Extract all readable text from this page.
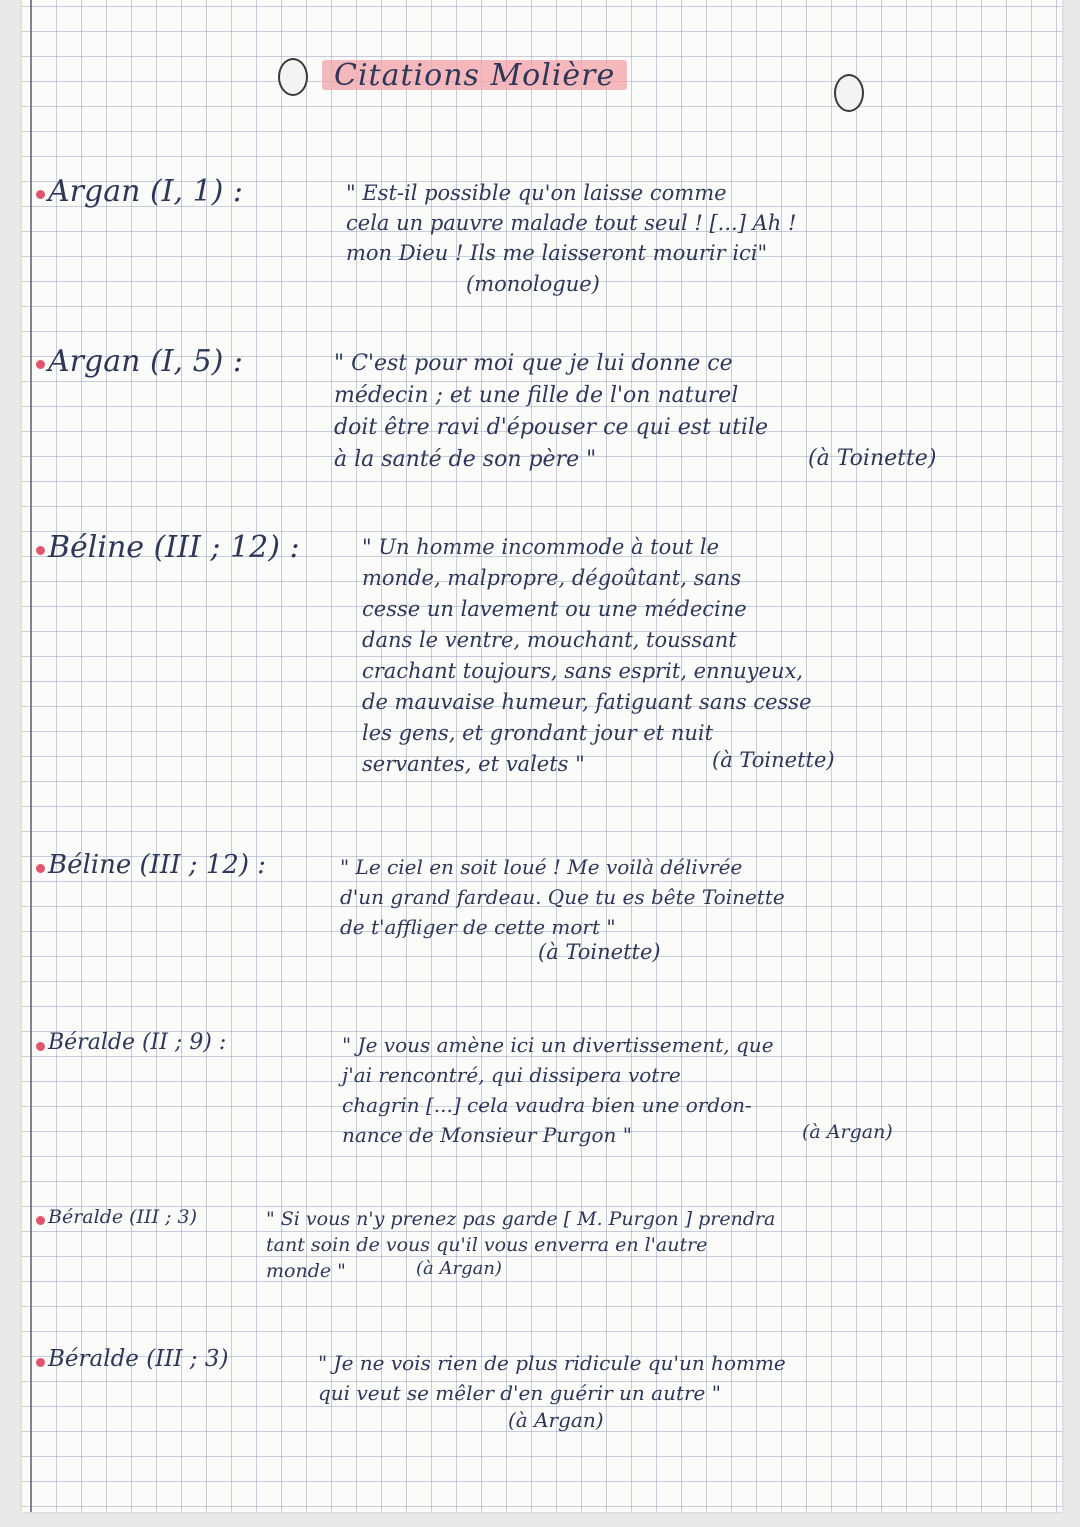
Citations Molière
Argan (I, 1) :	" Est-il possible qu'on laisse comme
cela un pauvre malade tout seul ! [...] Ah !
mon Dieu ! Ils me laisseront mourir ici"
(monologue)
Argan (I, 5) :	" C'est pour moi que je lui donne ce
médecin ; et une fille de l'on naturel
doit être ravi d'épouser ce qui est utile
à la santé de son père "	(à Toinette)
Béline (III ; 12) :	" Un homme incommode à tout le
monde, malpropre, dégoûtant, sans
cesse un lavement ou une médecine
dans le ventre, mouchant, toussant
crachant toujours, sans esprit, ennuyeux,
de mauvaise humeur, fatiguant sans cesse
les gens, et grondant jour et nuit
servantes, et valets "	(à Toinette)
Béline (III ; 12) :	" Le ciel en soit loué ! Me voilà délivrée
d'un grand fardeau. Que tu es bête Toinette
de t'affliger de cette mort "
(à Toinette)
Béralde (II ; 9) :	" Je vous amène ici un divertissement, que
j'ai rencontré, qui dissipera votre
chagrin [...] cela vaudra bien une ordon-
nance de Monsieur Purgon "	(à Argan)
Béralde (III ; 3)	" Si vous n'y prenez pas garde [ M. Purgon ] prendra
tant soin de vous qu'il vous enverra en l'autre
monde "	(à Argan)
Béralde (III ; 3)	" Je ne vois rien de plus ridicule qu'un homme
qui veut se mêler d'en guérir un autre "
(à Argan)
